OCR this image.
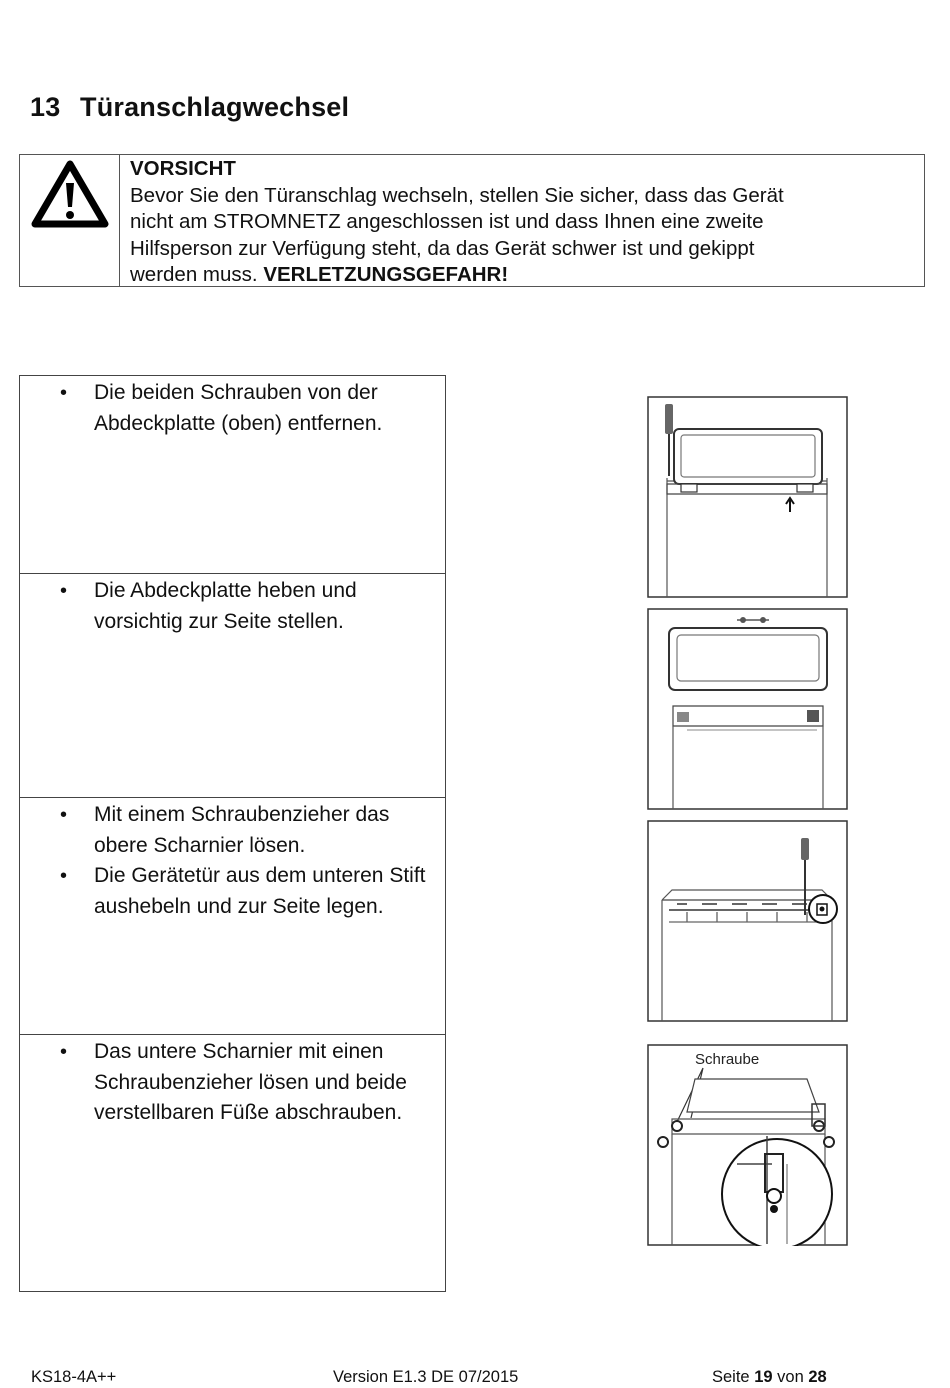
13 Türanschlagwechsel
VORSICHT
Bevor Sie den Türanschlag wechseln, stellen Sie sicher, dass das Gerät
nicht am STROMNETZ angeschlossen ist und dass Ihnen eine zweite
Hilfsperson zur Verfügung steht, da das Gerät schwer ist und gekippt
werden muss. VERLETZUNGSGEFAHR!
• Die beiden Schrauben von der Abdeckplatte (oben) entfernen.

• Die Abdeckplatte heben und vorsichtig zur Seite stellen.

• Mit einem Schraubenzieher das obere Scharnier lösen.
• Die Gerätetür aus dem unteren Stift aushebeln und zur Seite legen.

• Das untere Scharnier mit einen Schraubenzieher lösen und beide verstellbaren Füße abschrauben.
Schraube
KS18-4A++	Version E1.3 DE 07/2015	Seite 19 von 28
